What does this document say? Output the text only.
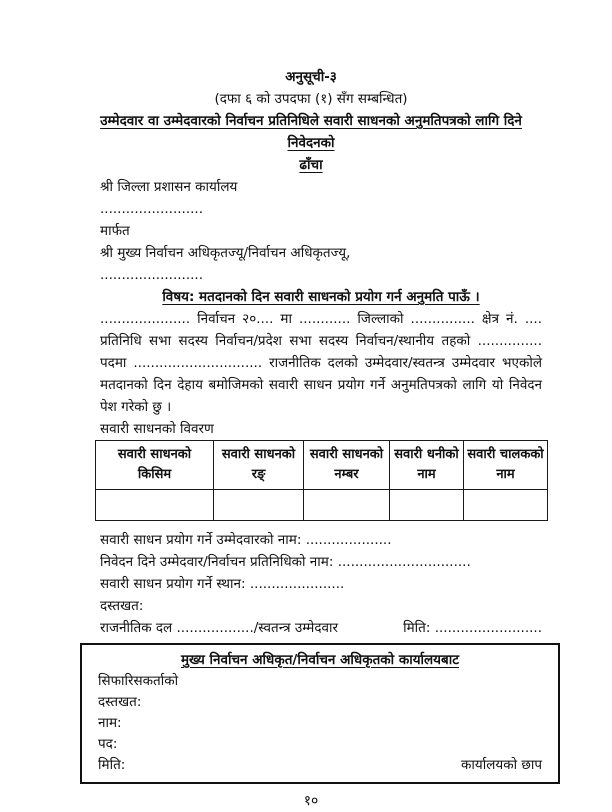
अनुसूची-३
(दफा ६ को उपदफा (१) सँग सम्बन्धित)
उम्मेदवार वा उम्मेदवारको निर्वाचन प्रतिनिधिले सवारी साधनको अनुमतिपत्रको लागि दिने निवेदनको
ढाँचा
श्री जिल्ला प्रशासन कार्यालय
........................
मार्फत
श्री मुख्य निर्वाचन अधिकृतज्यू/निर्वाचन अधिकृतज्यू,
........................
विषय: मतदानको दिन सवारी साधनको प्रयोग गर्न अनुमति पाऊँ ।
..................... निर्वाचन २०.... मा ............ जिल्लाको ............... क्षेत्र नं. .... प्रतिनिधि सभा सदस्य निर्वाचन/प्रदेश सभा सदस्य निर्वाचन/स्थानीय तहको ............... पदमा .............................. राजनीतिक दलको उम्मेदवार/स्वतन्त्र उम्मेदवार भएकोले मतदानको दिन देहाय बमोजिमको सवारी साधन प्रयोग गर्ने अनुमतिपत्रको लागि यो निवेदन पेश गरेको छु ।
सवारी साधनको विवरण
सवारी साधनको किसिम	सवारी साधनको रङ्	सवारी साधनको नम्बर	सवारी धनीको नाम	सवारी चालकको नाम

सवारी साधन प्रयोग गर्ने उम्मेदवारको नाम: ....................
निवेदन दिने उम्मेदवार/निर्वाचन प्रतिनिधिको नाम: ...............................
सवारी साधन प्रयोग गर्ने स्थान: ......................
दस्तखत:
राजनीतिक दल ................../स्वतन्त्र उम्मेदवार	मिति: .........................
मुख्य निर्वाचन अधिकृत/निर्वाचन अधिकृतको कार्यालयबाट
सिफारिसकर्ताको
दस्तखत:
नाम:
पद:
मिति:	कार्यालयको छाप
१०
